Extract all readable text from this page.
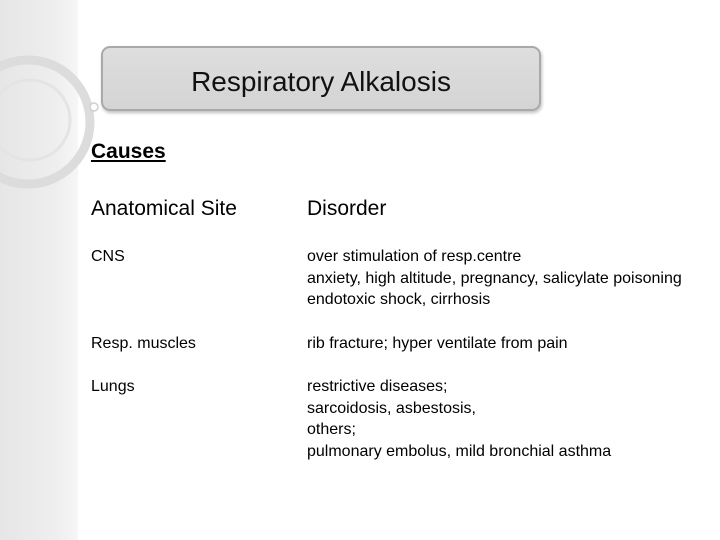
Respiratory Alkalosis
Causes
Anatomical Site	Disorder
CNS	over stimulation of resp.centre
anxiety, high altitude, pregnancy, salicylate poisoning
endotoxic shock, cirrhosis
Resp. muscles	rib fracture; hyper ventilate from pain
Lungs	restrictive diseases;
sarcoidosis, asbestosis,
others;
pulmonary embolus, mild bronchial asthma
